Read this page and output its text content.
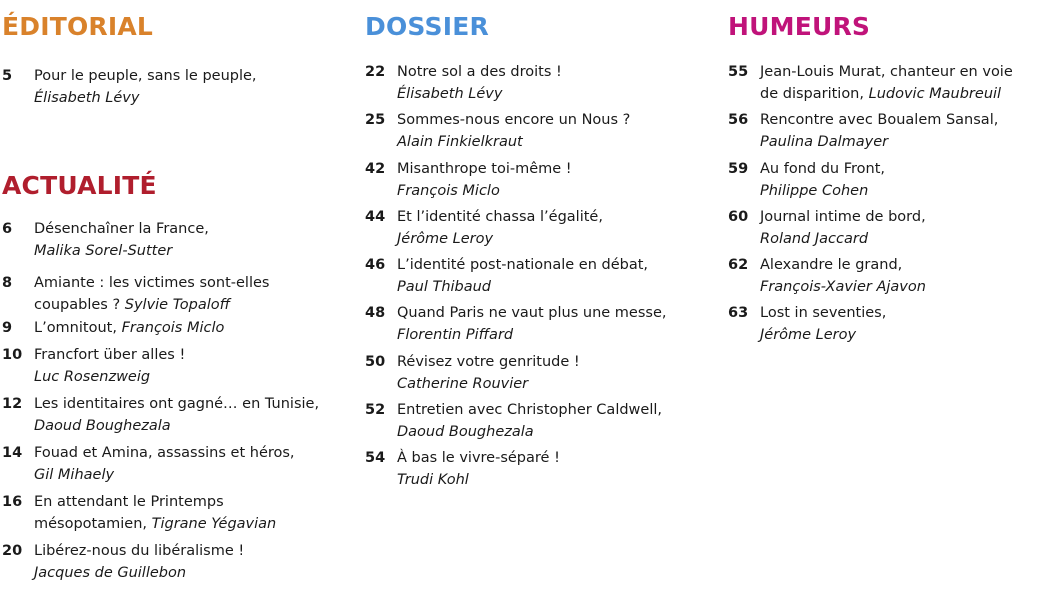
ÉDITORIAL
5 Pour le peuple, sans le peuple,
Élisabeth Lévy
ACTUALITÉ
6 Désenchaîner la France,
Malika Sorel-Sutter
8 Amiante : les victimes sont-elles
coupables ? Sylvie Topaloff
9 L’omnitout, François Miclo
10 Francfort über alles !
Luc Rosenzweig
12 Les identitaires ont gagné… en Tunisie,
Daoud Boughezala
14 Fouad et Amina, assassins et héros,
Gil Mihaely
16 En attendant le Printemps
mésopotamien, Tigrane Yégavian
20 Libérez-nous du libéralisme !
Jacques de Guillebon
DOSSIER
22 Notre sol a des droits !
Élisabeth Lévy
25 Sommes-nous encore un Nous ?
Alain Finkielkraut
42 Misanthrope toi-même !
François Miclo
44 Et l’identité chassa l’égalité,
Jérôme Leroy
46 L’identité post-nationale en débat,
Paul Thibaud
48 Quand Paris ne vaut plus une messe,
Florentin Piffard
50 Révisez votre genritude !
Catherine Rouvier
52 Entretien avec Christopher Caldwell,
Daoud Boughezala
54 À bas le vivre-séparé !
Trudi Kohl
HUMEURS
55 Jean-Louis Murat, chanteur en voie
de disparition, Ludovic Maubreuil
56 Rencontre avec Boualem Sansal,
Paulina Dalmayer
59 Au fond du Front,
Philippe Cohen
60 Journal intime de bord,
Roland Jaccard
62 Alexandre le grand,
François-Xavier Ajavon
63 Lost in seventies,
Jérôme Leroy
